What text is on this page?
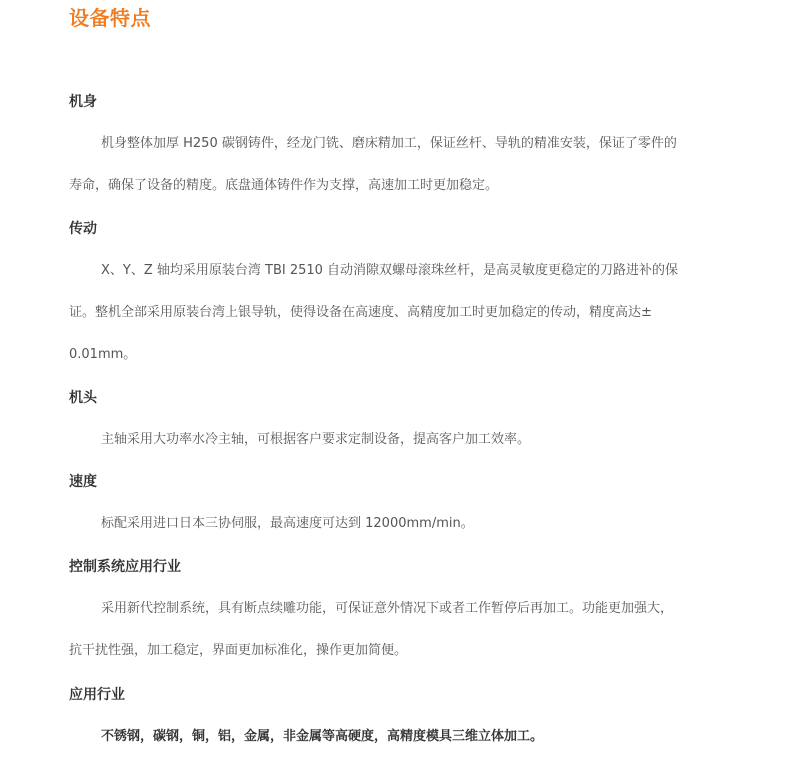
设备特点
机身
机身整体加厚 H250 碳钢铸件，经龙门铣、磨床精加工，保证丝杆、导轨的精准安装，保证了零件的
寿命，确保了设备的精度。底盘通体铸件作为支撑，高速加工时更加稳定。
传动
X、Y、Z 轴均采用原装台湾 TBI 2510 自动消隙双螺母滚珠丝杆，是高灵敏度更稳定的刀路进补的保
证。整机全部采用原装台湾上银导轨，使得设备在高速度、高精度加工时更加稳定的传动，精度高达±
0.01mm。
机头
主轴采用大功率水冷主轴，可根据客户要求定制设备，提高客户加工效率。
速度
标配采用进口日本三协伺服，最高速度可达到 12000mm/min。
控制系统应用行业
采用新代控制系统，具有断点续雕功能，可保证意外情况下或者工作暂停后再加工。功能更加强大，
抗干扰性强，加工稳定，界面更加标准化，操作更加简便。
应用行业
不锈钢，碳钢，铜，铝，金属，非金属等高硬度，高精度模具三维立体加工。
